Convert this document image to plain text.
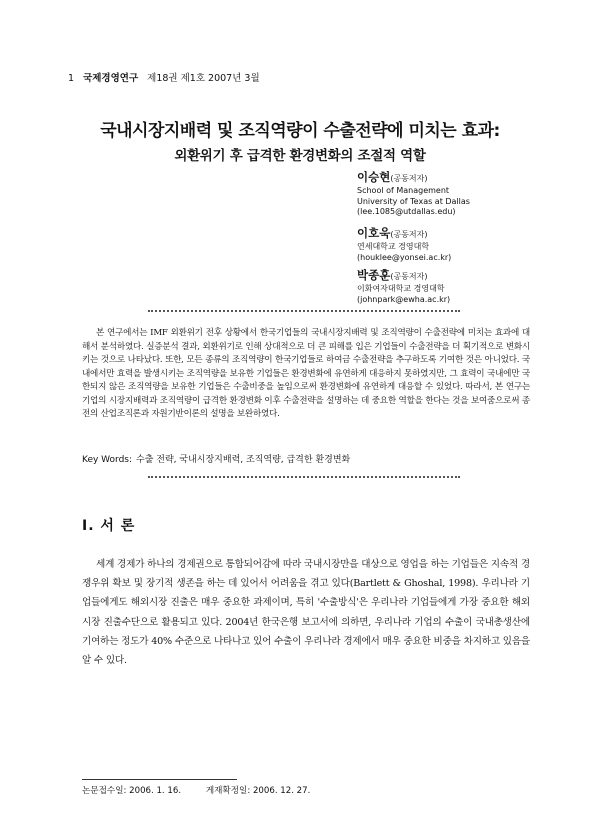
1 국제경영연구 제18권 제1호 2007년 3월
국내시장지배력 및 조직역량이 수출전략에 미치는 효과:
외환위기 후 급격한 환경변화의 조절적 역할
이승현(공동저자)
School of Management
University of Texas at Dallas
(lee.1085@utdallas.edu)
이호욱(공동저자)
연세대학교 경영대학
(houklee@yonsei.ac.kr)
박종훈(공동저자)
이화여자대학교 경영대학
(johnpark@ewha.ac.kr)
본 연구에서는 IMF 외환위기 전후 상황에서 한국기업들의 국내시장지배력 및 조직역량이 수출전략에 미치는 효과에 대해서 분석하였다. 실증분석 결과, 외환위기로 인해 상대적으로 더 큰 피해를 입은 기업들이 수출전략을 더 획기적으로 변화시키는 것으로 나타났다. 또한, 모든 종류의 조직역량이 한국기업들로 하여금 수출전략을 추구하도록 기여한 것은 아니었다. 국내에서만 효력을 발생시키는 조직역량을 보유한 기업들은 환경변화에 유연하게 대응하지 못하였지만, 그 효력이 국내에만 국한되지 않은 조직역량을 보유한 기업들은 수출비중을 높임으로써 환경변화에 유연하게 대응할 수 있었다. 따라서, 본 연구는 기업의 시장지배력과 조직역량이 급격한 환경변화 이후 수출전략을 설명하는 데 중요한 역할을 한다는 것을 보여줌으로써 종전의 산업조직론과 자원기반이론의 설명을 보완하였다.
Key Words: 수출 전략, 국내시장지배력, 조직역량, 급격한 환경변화
Ⅰ. 서 론
세계 경제가 하나의 경제권으로 통합되어감에 따라 국내시장만을 대상으로 영업을 하는 기업들은 지속적 경쟁우위 확보 및 장기적 생존을 하는 데 있어서 어려움을 겪고 있다(Bartlett & Ghoshal, 1998). 우리나라 기업들에게도 해외시장 진출은 매우 중요한 과제이며, 특히 '수출방식'은 우리나라 기업들에게 가장 중요한 해외시장 진출수단으로 활용되고 있다. 2004년 한국은행 보고서에 의하면, 우리나라 기업의 수출이 국내총생산에 기여하는 정도가 40% 수준으로 나타나고 있어 수출이 우리나라 경제에서 매우 중요한 비중을 차지하고 있음을 알 수 있다.
논문접수일: 2006. 1. 16.	게재확정일: 2006. 12. 27.
